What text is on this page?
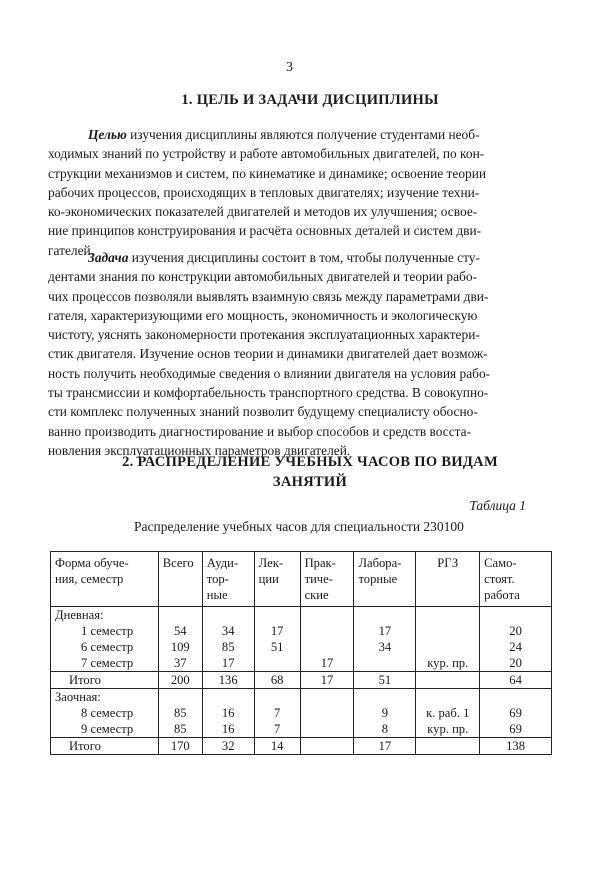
3
1. ЦЕЛЬ И ЗАДАЧИ ДИСЦИПЛИНЫ
Целью изучения дисциплины являются получение студентами необ-
ходимых знаний по устройству и работе автомобильных двигателей, по кон-
струкции механизмов и систем, по кинематике и динамике; освоение теории
рабочих процессов, происходящих в тепловых двигателях; изучение техни-
ко-экономических показателей двигателей и методов их улучшения; освое-
ние принципов конструирования и расчёта основных деталей и систем дви-
гателей.
Задача изучения дисциплины состоит в том, чтобы полученные сту-
дентами знания по конструкции автомобильных двигателей и теории рабо-
чих процессов позволяли выявлять взаимную связь между параметрами дви-
гателя, характеризующими его мощность, экономичность и экологическую
чистоту, уяснять закономерности протекания эксплуатационных характери-
стик двигателя. Изучение основ теории и динамики двигателей дает возмож-
ность получить необходимые сведения о влиянии двигателя на условия рабо-
ты трансмиссии и комфортабельность транспортного средства. В совокупно-
сти комплекс полученных знаний позволит будущему специалисту обосно-
ванно производить диагностирование и выбор способов и средств восста-
новления эксплуатационных параметров двигателей.
2. РАСПРЕДЕЛЕНИЕ УЧЕБНЫХ ЧАСОВ ПО ВИДАМ
ЗАНЯТИЙ
Таблица 1
Распределение учебных часов для специальности 230100
Форма обуче-
ния, семестр	Всего	Ауди-
тор-
ные	Лек-
ции	Прак-
тиче-
ские	Лабора-
торные	РГЗ	Само-
стоят.
работа

Дневная:							
1 семестр	54	34	17		17		20
6 семестр	109	85	51		34		24
7 семестр	37	17		17		кур. пр.	20
Итого	200	136	68	17	51		64
Заочная:							
8 семестр	85	16	7		9	к. раб. 1	69
9 семестр	85	16	7		8	кур. пр.	69
Итого	170	32	14		17		138
